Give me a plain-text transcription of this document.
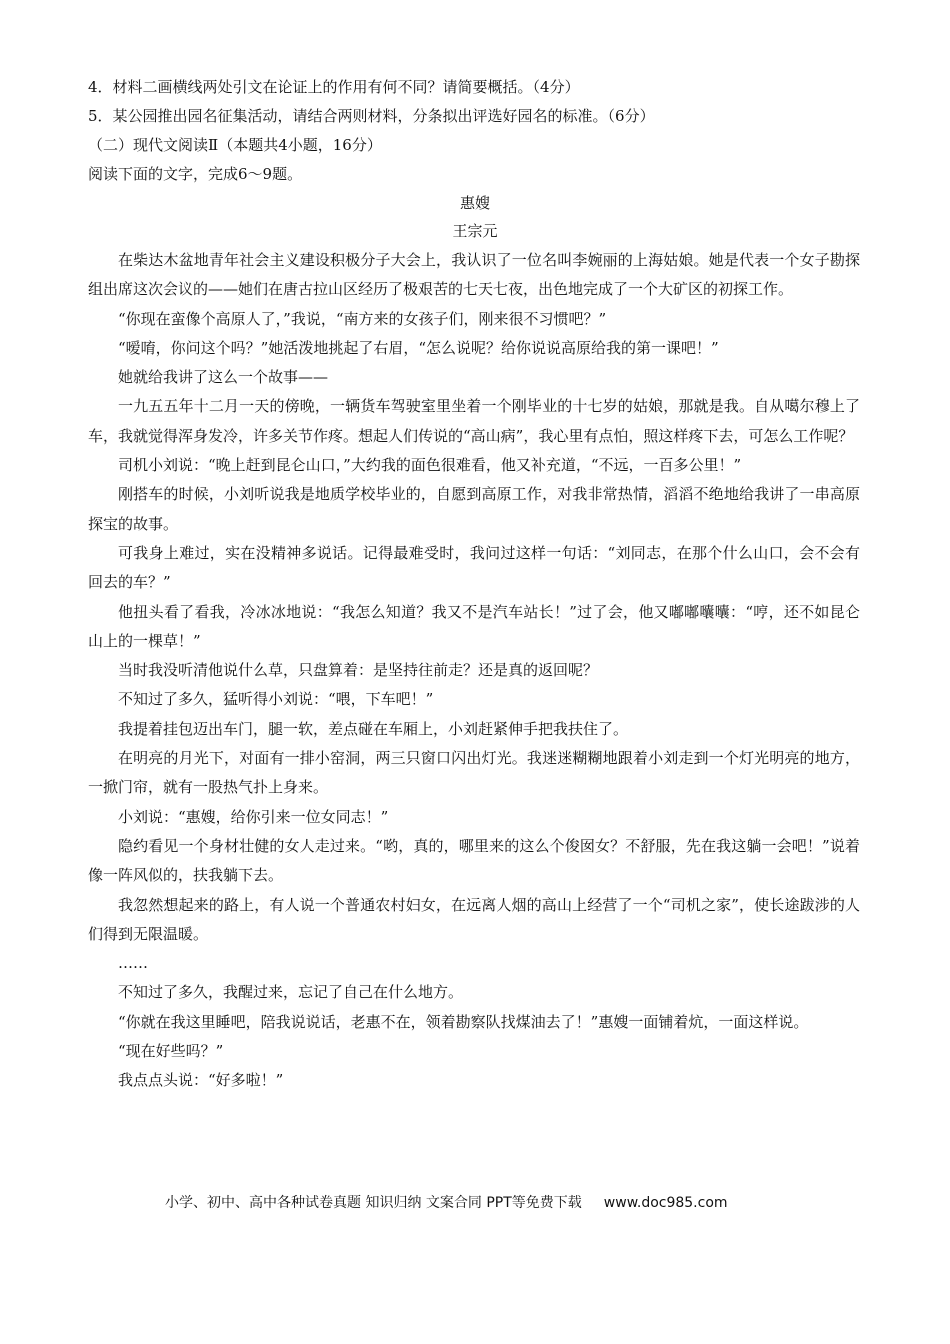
4．材料二画横线两处引文在论证上的作用有何不同？请简要概括。（4分）
5．某公园推出园名征集活动，请结合两则材料，分条拟出评选好园名的标准。（6分）
（二）现代文阅读Ⅱ（本题共4小题，16分）
阅读下面的文字，完成6～9题。
惠嫂
王宗元

在柴达木盆地青年社会主义建设积极分子大会上，我认识了一位名叫李婉丽的上海姑娘。她是代表一个女子勘探组出席这次会议的——她们在唐古拉山区经历了极艰苦的七天七夜，出色地完成了一个大矿区的初探工作。

“你现在蛮像个高原人了，”我说，“南方来的女孩子们，刚来很不习惯吧？”

“嗳唷，你问这个吗？”她活泼地挑起了右眉，“怎么说呢？给你说说高原给我的第一课吧！”

她就给我讲了这么一个故事——

一九五五年十二月一天的傍晚，一辆货车驾驶室里坐着一个刚毕业的十七岁的姑娘，那就是我。自从噶尔穆上了车，我就觉得浑身发冷，许多关节作疼。想起人们传说的“高山病”，我心里有点怕，照这样疼下去，可怎么工作呢？

司机小刘说：“晚上赶到昆仑山口，”大约我的面色很难看，他又补充道，“不远，一百多公里！”

刚搭车的时候，小刘听说我是地质学校毕业的，自愿到高原工作，对我非常热情，滔滔不绝地给我讲了一串高原探宝的故事。

可我身上难过，实在没精神多说话。记得最难受时，我问过这样一句话：“刘同志，在那个什么山口，会不会有回去的车？”

他扭头看了看我，冷冰冰地说：“我怎么知道？我又不是汽车站长！”过了会，他又嘟嘟囔囔：“哼，还不如昆仑山上的一棵草！”

当时我没听清他说什么草，只盘算着：是坚持往前走？还是真的返回呢？

不知过了多久，猛听得小刘说：“喂，下车吧！”

我提着挂包迈出车门，腿一软，差点碰在车厢上，小刘赶紧伸手把我扶住了。

在明亮的月光下，对面有一排小窑洞，两三只窗口闪出灯光。我迷迷糊糊地跟着小刘走到一个灯光明亮的地方，一掀门帘，就有一股热气扑上身来。

小刘说：“惠嫂，给你引来一位女同志！”

隐约看见一个身材壮健的女人走过来。“哟，真的，哪里来的这么个俊囡女？不舒服，先在我这躺一会吧！”说着像一阵风似的，扶我躺下去。

我忽然想起来的路上，有人说一个普通农村妇女，在远离人烟的高山上经营了一个“司机之家”，使长途跋涉的人们得到无限温暖。

……

不知过了多久，我醒过来，忘记了自己在什么地方。

“你就在我这里睡吧，陪我说说话，老惠不在，领着勘察队找煤油去了！”惠嫂一面铺着炕，一面这样说。

“现在好些吗？”

我点点头说：“好多啦！”

小学、初中、高中各种试卷真题 知识归纳 文案合同 PPT等免费下载 www.doc985.com
